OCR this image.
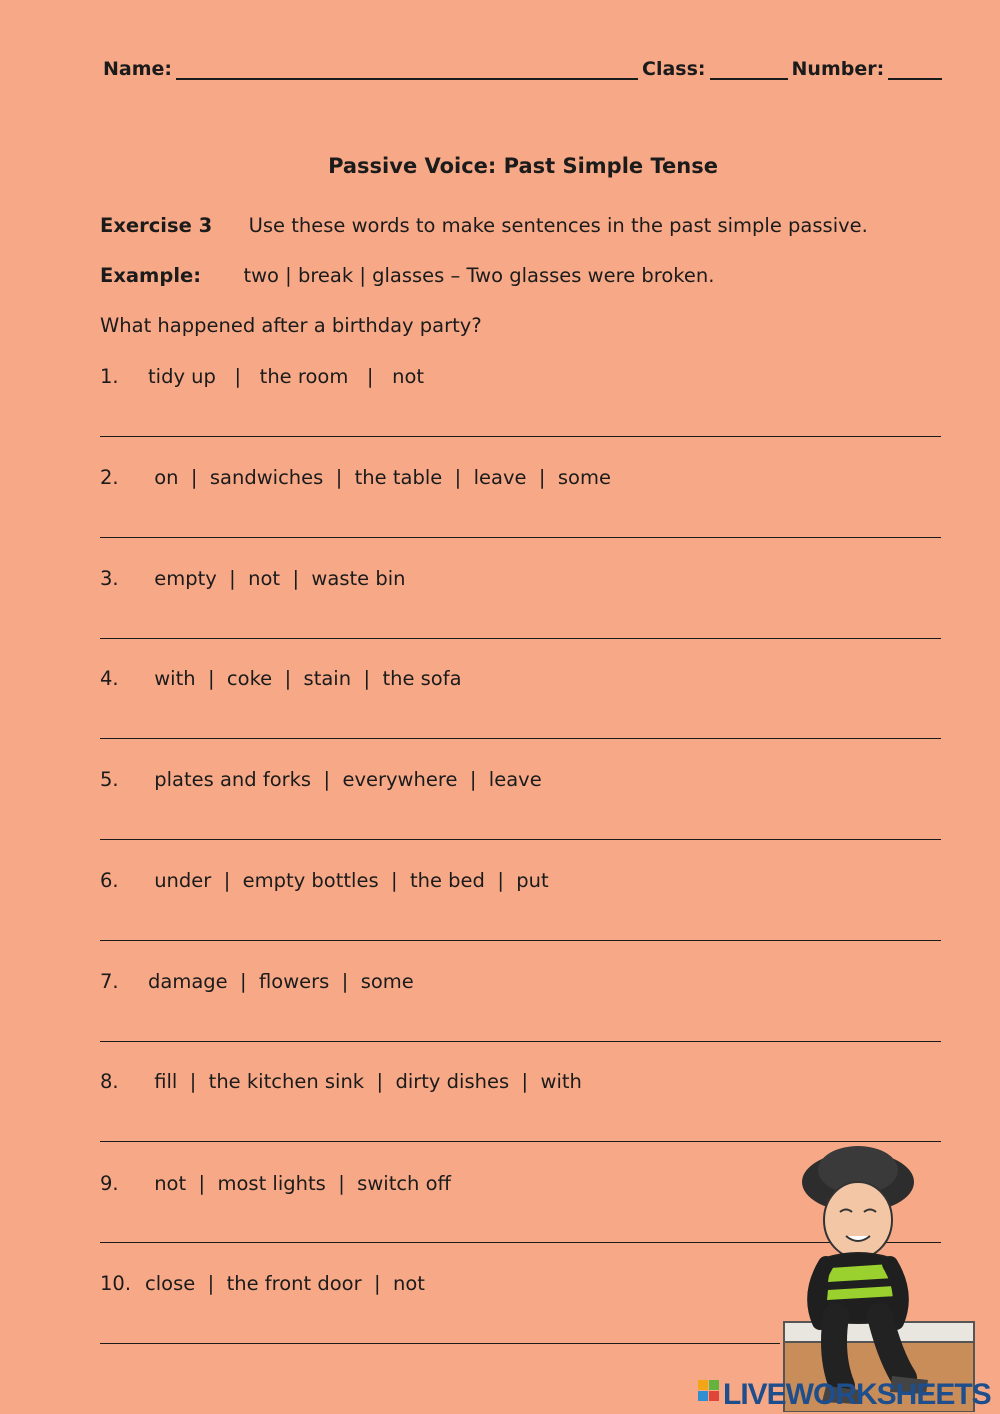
Name:	Class:	Number:
Passive Voice: Past Simple Tense
Exercise 3 Use these words to make sentences in the past simple passive.
Example: two | break | glasses – Two glasses were broken.
What happened after a birthday party?
1. tidy up   |   the room   |   not
2. on  |  sandwiches  |  the table  |  leave  |  some
3. empty  |  not  |  waste bin
4. with  |  coke  |  stain  |  the sofa
5. plates and forks  |  everywhere  |  leave
6. under  |  empty bottles  |  the bed  |  put
7. damage  |  flowers  |  some
8. fill  |  the kitchen sink  |  dirty dishes  |  with
9. not  |  most lights  |  switch off
10. close  |  the front door  |  not
LIVEWORKSHEETS
